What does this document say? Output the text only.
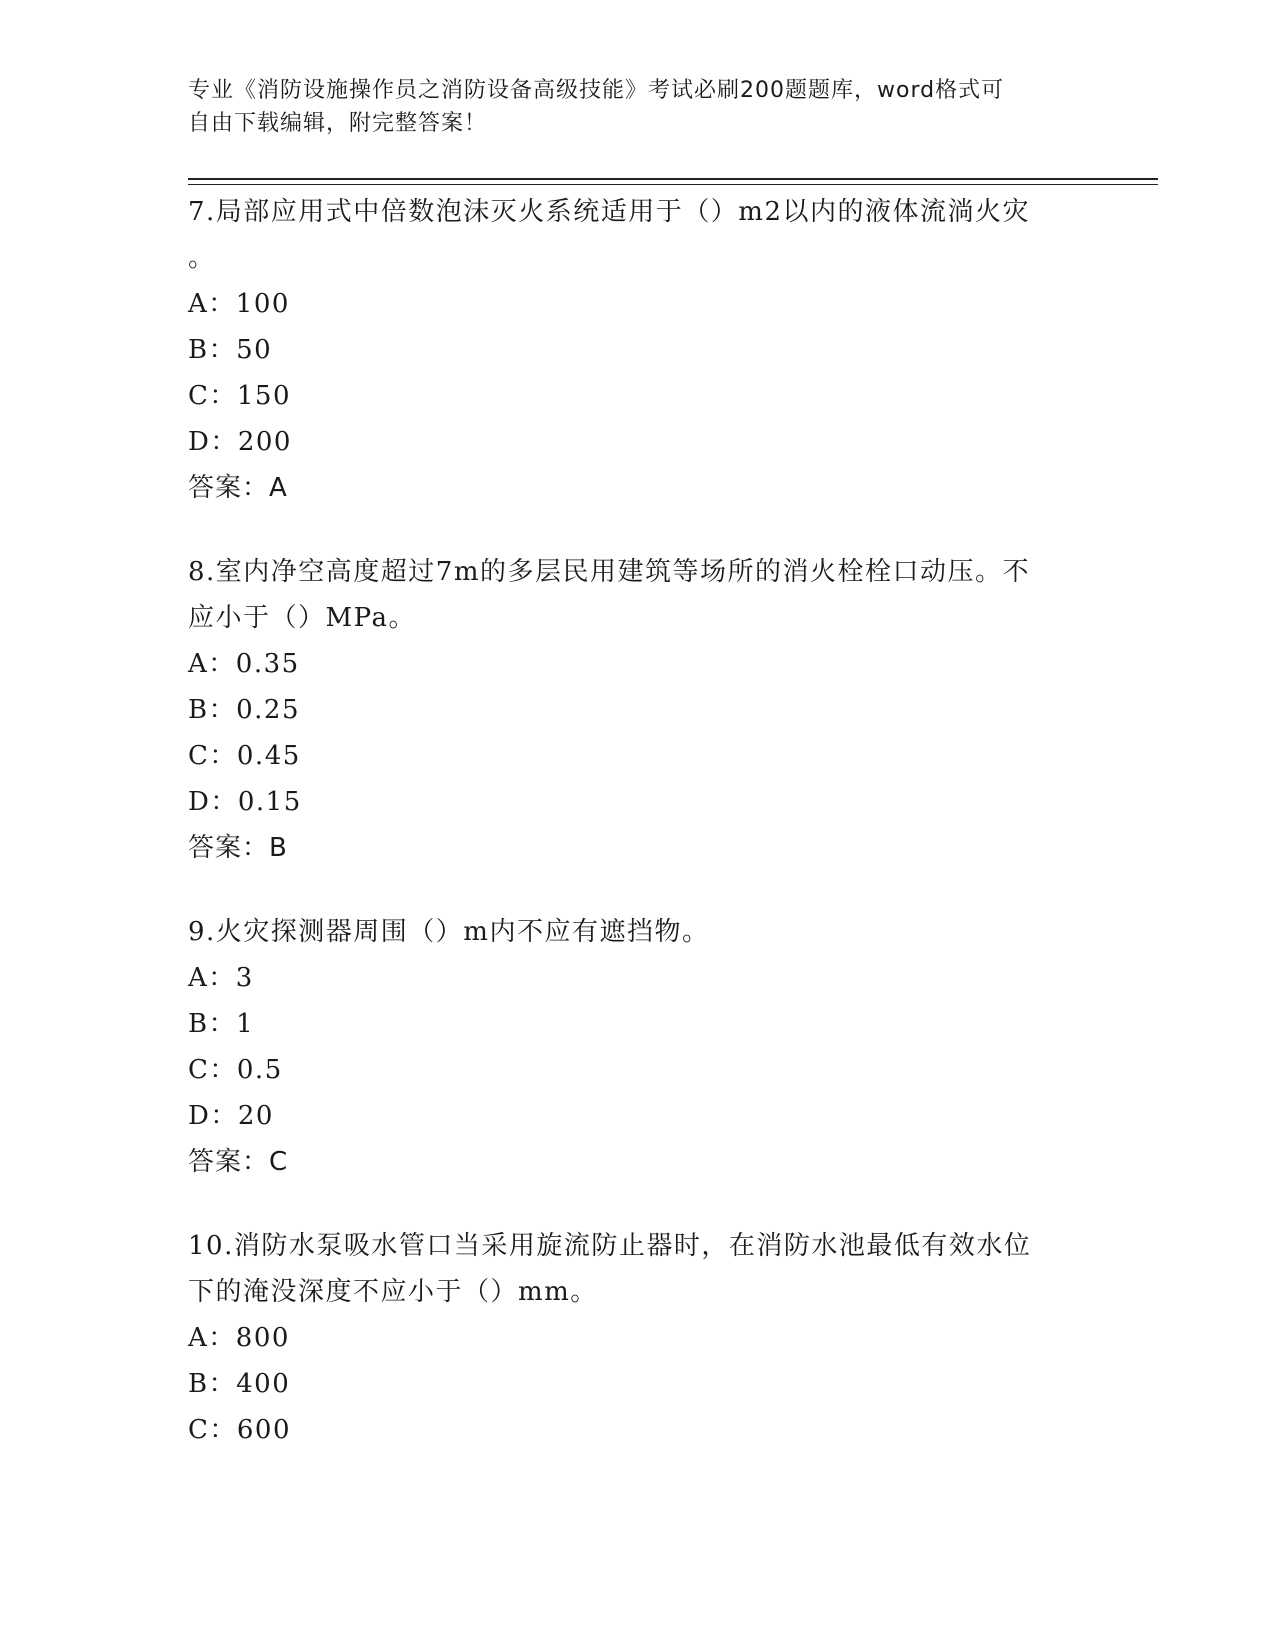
专业《消防设施操作员之消防设备高级技能》考试必刷200题题库，word格式可
自由下载编辑，附完整答案！
7.局部应用式中倍数泡沫灭火系统适用于（）m2以内的液体流淌火灾
。
A：100
B：50
C：150
D：200
答案：A
8.室内净空高度超过7m的多层民用建筑等场所的消火栓栓口动压。不
应小于（）MPa。
A：0.35
B：0.25
C：0.45
D：0.15
答案：B
9.火灾探测器周围（）m内不应有遮挡物。
A：3
B：1
C：0.5
D：20
答案：C
10.消防水泵吸水管口当采用旋流防止器时，在消防水池最低有效水位
下的淹没深度不应小于（）mm。
A：800
B：400
C：600
